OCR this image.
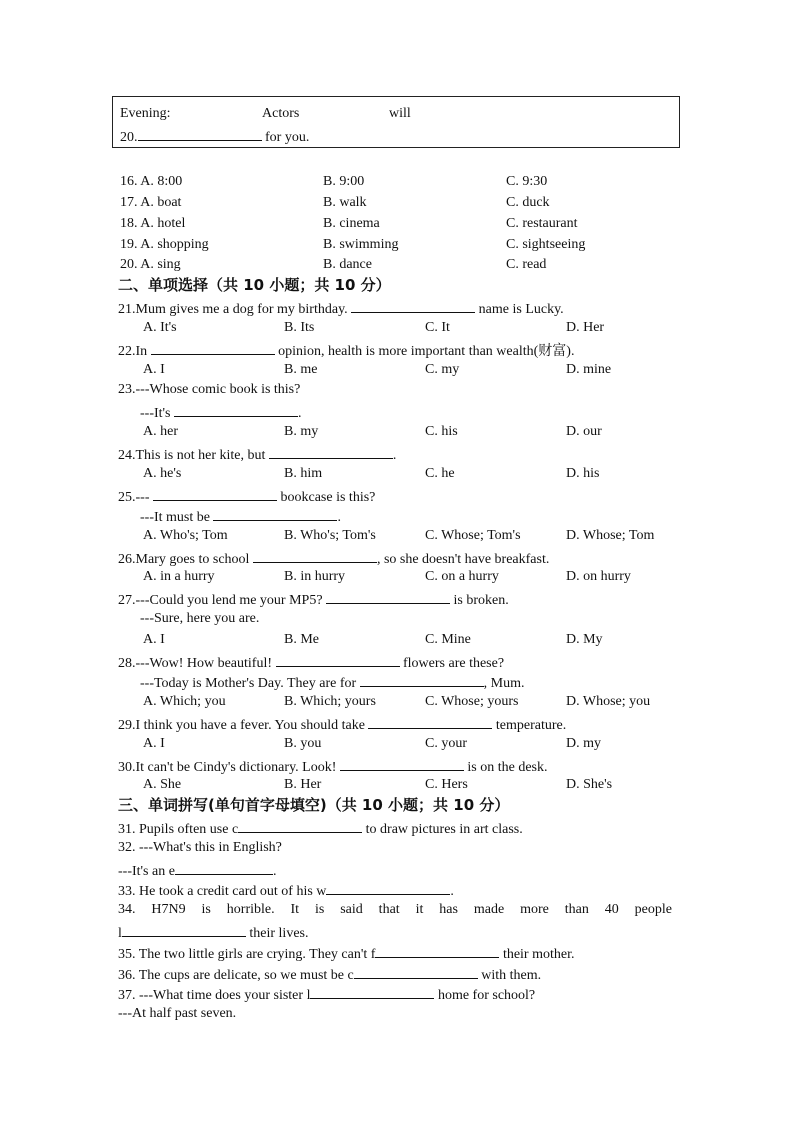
Evening:	Actors	will
20.	for you.
16. A. 8:00	B. 9:00	C. 9:30
17. A. boat	B. walk	C. duck
18. A. hotel	B. cinema	C. restaurant
19. A. shopping	B. swimming	C. sightseeing
20. A. sing	B. dance	C. read
二、单项选择（共 10 小题；共 10 分）
21.Mum gives me a dog for my birthday.	name is Lucky.
A. It's	B. Its	C. It	D. Her
22.In	opinion, health is more important than wealth(财富).
A. I	B. me	C. my	D. mine
23.---Whose comic book is this?
---It's	.
A. her	B. my	C. his	D. our
24.This is not her kite, but	.
A. he's	B. him	C. he	D. his
25.---	bookcase is this?
---It must be	.
A. Who's; Tom	B. Who's; Tom's	C. Whose; Tom's	D. Whose; Tom
26.Mary goes to school	, so she doesn't have breakfast.
A. in a hurry	B. in hurry	C. on a hurry	D. on hurry
27.---Could you lend me your MP5?	is broken.
---Sure, here you are.
A. I	B. Me	C. Mine	D. My
28.---Wow! How beautiful!	flowers are these?
---Today is Mother's Day. They are for	, Mum.
A. Which; you	B. Which; yours	C. Whose; yours	D. Whose; you
29.I think you have a fever. You should take	temperature.
A. I	B. you	C. your	D. my
30.It can't be Cindy's dictionary. Look!	is on the desk.
A. She	B. Her	C. Hers	D. She's
三、单词拼写(单句首字母填空)（共 10 小题；共 10 分）
31. Pupils often use c	to draw pictures in art class.
32. ---What's this in English?
---It's an e	.
33. He took a credit card out of his w	.
34. H7N9 is horrible. It is said that it has made more than 40 people
l	their lives.
35. The two little girls are crying. They can't f	their mother.
36. The cups are delicate, so we must be c	with them.
37. ---What time does your sister l	home for school?
---At half past seven.
